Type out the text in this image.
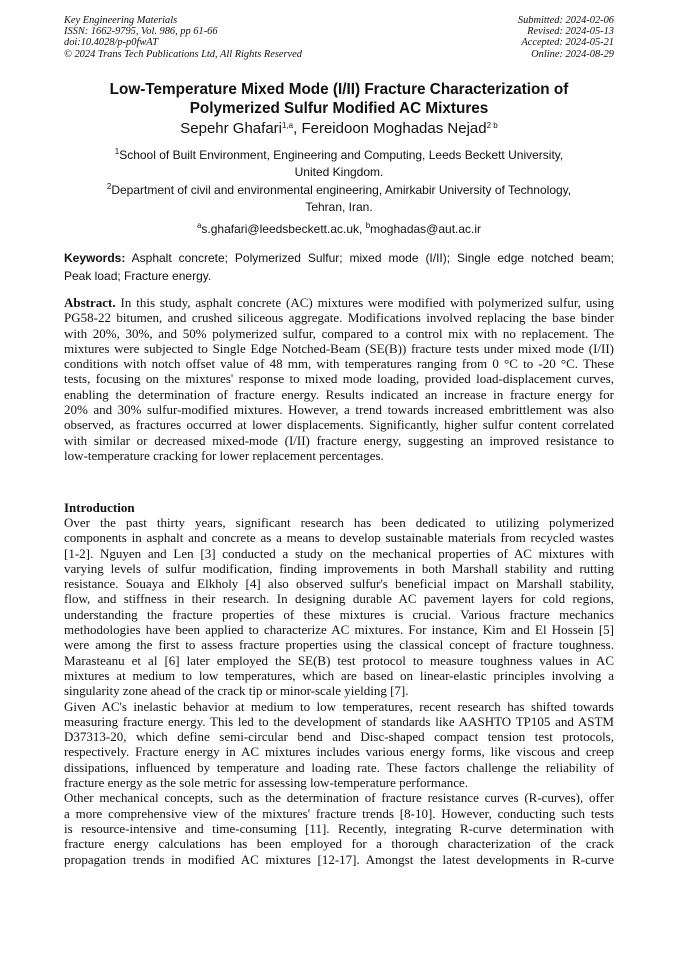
Key Engineering Materials
ISSN: 1662-9795, Vol. 986, pp 61-66
doi:10.4028/p-p0fwAT
© 2024 Trans Tech Publications Ltd, All Rights Reserved
Submitted: 2024-02-06
Revised: 2024-05-13
Accepted: 2024-05-21
Online: 2024-08-29
Low-Temperature Mixed Mode (I/II) Fracture Characterization of
Polymerized Sulfur Modified AC Mixtures
Sepehr Ghafari$^{1,a}$, Fereidoon Moghadas Nejad$^{2 b}$
$^1$School of Built Environment, Engineering and Computing, Leeds Beckett University,
United Kingdom.
$^2$Department of civil and environmental engineering, Amirkabir University of Technology,
Tehran, Iran.
$^a$s.ghafari@leedsbeckett.ac.uk, $^b$moghadas@aut.ac.ir
Keywords: Asphalt concrete; Polymerized Sulfur; mixed mode (I/II); Single edge notched beam;
Peak load; Fracture energy.
Abstract. In this study, asphalt concrete (AC) mixtures were modified with polymerized sulfur, using
PG58-22 bitumen, and crushed siliceous aggregate. Modifications involved replacing the base binder
with 20%, 30%, and 50% polymerized sulfur, compared to a control mix with no replacement. The
mixtures were subjected to Single Edge Notched-Beam (SE(B)) fracture tests under mixed mode (I/II)
conditions with notch offset value of 48 mm, with temperatures ranging from 0 °C to -20 °C. These
tests, focusing on the mixtures' response to mixed mode loading, provided load-displacement curves,
enabling the determination of fracture energy. Results indicated an increase in fracture energy for
20% and 30% sulfur-modified mixtures. However, a trend towards increased embrittlement was also
observed, as fractures occurred at lower displacements. Significantly, higher sulfur content correlated
with similar or decreased mixed-mode (I/II) fracture energy, suggesting an improved resistance to
low-temperature cracking for lower replacement percentages.
Introduction
Over the past thirty years, significant research has been dedicated to utilizing polymerized
components in asphalt and concrete as a means to develop sustainable materials from recycled wastes
[1-2]. Nguyen and Len [3] conducted a study on the mechanical properties of AC mixtures with
varying levels of sulfur modification, finding improvements in both Marshall stability and rutting
resistance. Souaya and Elkholy [4] also observed sulfur's beneficial impact on Marshall stability,
flow, and stiffness in their research. In designing durable AC pavement layers for cold regions,
understanding the fracture properties of these mixtures is crucial. Various fracture mechanics
methodologies have been applied to characterize AC mixtures. For instance, Kim and El Hossein [5]
were among the first to assess fracture properties using the classical concept of fracture toughness.
Marasteanu et al [6] later employed the SE(B) test protocol to measure toughness values in AC
mixtures at medium to low temperatures, which are based on linear-elastic principles involving a
singularity zone ahead of the crack tip or minor-scale yielding [7].
Given AC's inelastic behavior at medium to low temperatures, recent research has shifted towards
measuring fracture energy. This led to the development of standards like AASHTO TP105 and ASTM
D37313-20, which define semi-circular bend and Disc-shaped compact tension test protocols,
respectively. Fracture energy in AC mixtures includes various energy forms, like viscous and creep
dissipations, influenced by temperature and loading rate. These factors challenge the reliability of
fracture energy as the sole metric for assessing low-temperature performance.
Other mechanical concepts, such as the determination of fracture resistance curves (R-curves), offer
a more comprehensive view of the mixtures' fracture trends [8-10]. However, conducting such tests
is resource-intensive and time-consuming [11]. Recently, integrating R-curve determination with
fracture energy calculations has been employed for a thorough characterization of the crack
propagation trends in modified AC mixtures [12-17]. Amongst the latest developments in R-curve
